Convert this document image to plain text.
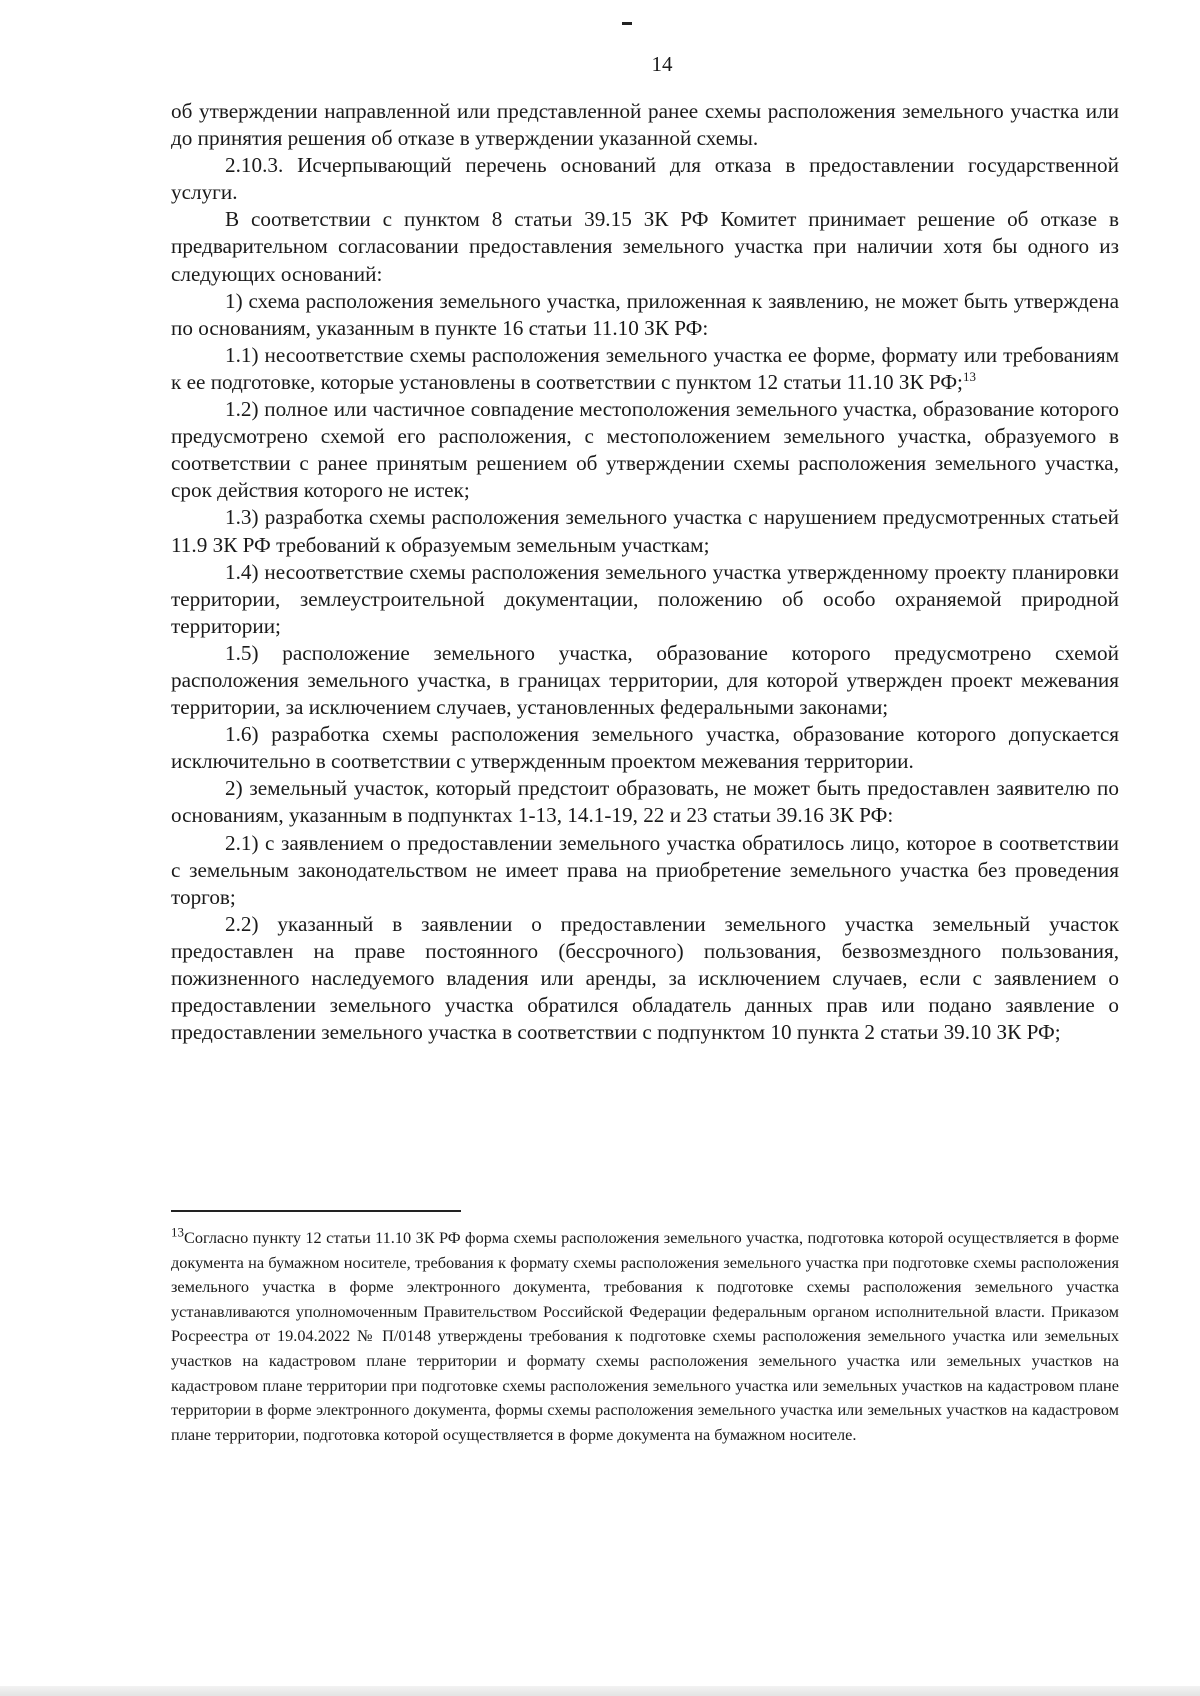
14

об утверждении направленной или представленной ранее схемы расположения земельного участка или до принятия решения об отказе в утверждении указанной схемы.

2.10.3. Исчерпывающий перечень оснований для отказа в предоставлении государственной услуги.

В соответствии с пунктом 8 статьи 39.15 ЗК РФ Комитет принимает решение об отказе в предварительном согласовании предоставления земельного участка при наличии хотя бы одного из следующих оснований:

1) схема расположения земельного участка, приложенная к заявлению, не может быть утверждена по основаниям, указанным в пункте 16 статьи 11.10 ЗК РФ:

1.1) несоответствие схемы расположения земельного участка ее форме, формату или требованиям к ее подготовке, которые установлены в соответствии с пунктом 12 статьи 11.10 ЗК РФ;$^{13}$

1.2) полное или частичное совпадение местоположения земельного участка, образование которого предусмотрено схемой его расположения, с местоположением земельного участка, образуемого в соответствии с ранее принятым решением об утверждении схемы расположения земельного участка, срок действия которого не истек;

1.3) разработка схемы расположения земельного участка с нарушением предусмотренных статьей 11.9 ЗК РФ требований к образуемым земельным участкам;

1.4) несоответствие схемы расположения земельного участка утвержденному проекту планировки территории, землеустроительной документации, положению об особо охраняемой природной территории;

1.5) расположение земельного участка, образование которого предусмотрено схемой расположения земельного участка, в границах территории, для которой утвержден проект межевания территории, за исключением случаев, установленных федеральными законами;

1.6) разработка схемы расположения земельного участка, образование которого допускается исключительно в соответствии с утвержденным проектом межевания территории.

2) земельный участок, который предстоит образовать, не может быть предоставлен заявителю по основаниям, указанным в подпунктах 1-13, 14.1-19, 22 и 23 статьи 39.16 ЗК РФ:

2.1) с заявлением о предоставлении земельного участка обратилось лицо, которое в соответствии с земельным законодательством не имеет права на приобретение земельного участка без проведения торгов;

2.2) указанный в заявлении о предоставлении земельного участка земельный участок предоставлен на праве постоянного (бессрочного) пользования, безвозмездного пользования, пожизненного наследуемого владения или аренды, за исключением случаев, если с заявлением о предоставлении земельного участка обратился обладатель данных прав или подано заявление о предоставлении земельного участка в соответствии с подпунктом 10 пункта 2 статьи 39.10 ЗК РФ;

$^{13}$Согласно пункту 12 статьи 11.10 ЗК РФ форма схемы расположения земельного участка, подготовка которой осуществляется в форме документа на бумажном носителе, требования к формату схемы расположения земельного участка при подготовке схемы расположения земельного участка в форме электронного документа, требования к подготовке схемы расположения земельного участка устанавливаются уполномоченным Правительством Российской Федерации федеральным органом исполнительной власти. Приказом Росреестра от 19.04.2022 № П/0148 утверждены требования к подготовке схемы расположения земельного участка или земельных участков на кадастровом плане территории и формату схемы расположения земельного участка или земельных участков на кадастровом плане территории при подготовке схемы расположения земельного участка или земельных участков на кадастровом плане территории в форме электронного документа, формы схемы расположения земельного участка или земельных участков на кадастровом плане территории, подготовка которой осуществляется в форме документа на бумажном носителе.
